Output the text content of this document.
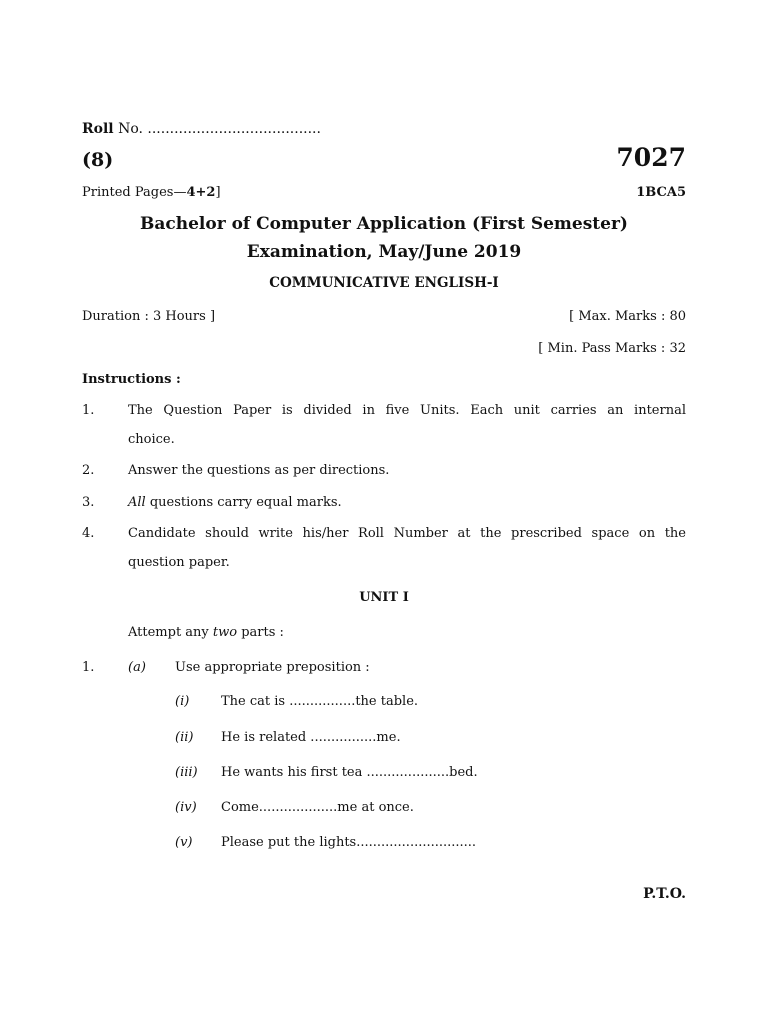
Roll No. .......................................
(8)	7027
Printed Pages—4+2]	1BCA5
Bachelor of Computer Application (First Semester)
Examination, May/June 2019
COMMUNICATIVE ENGLISH-I
Duration : 3 Hours ]	[ Max. Marks : 80
[ Min. Pass Marks : 32
Instructions :
1.	The Question Paper is divided in five Units. Each unit carries an internal
choice.
2.	Answer the questions as per directions.
3.	All questions carry equal marks.
4.	Candidate should write his/her Roll Number at the prescribed space on the
question paper.
UNIT I
Attempt any two parts :
1.	(a) Use appropriate preposition :
(i) The cat is ................the table.
(ii) He is related ................me.
(iii) He wants his first tea ....................bed.
(iv) Come...................me at once.
(v) Please put the lights.............................
P.T.O.
